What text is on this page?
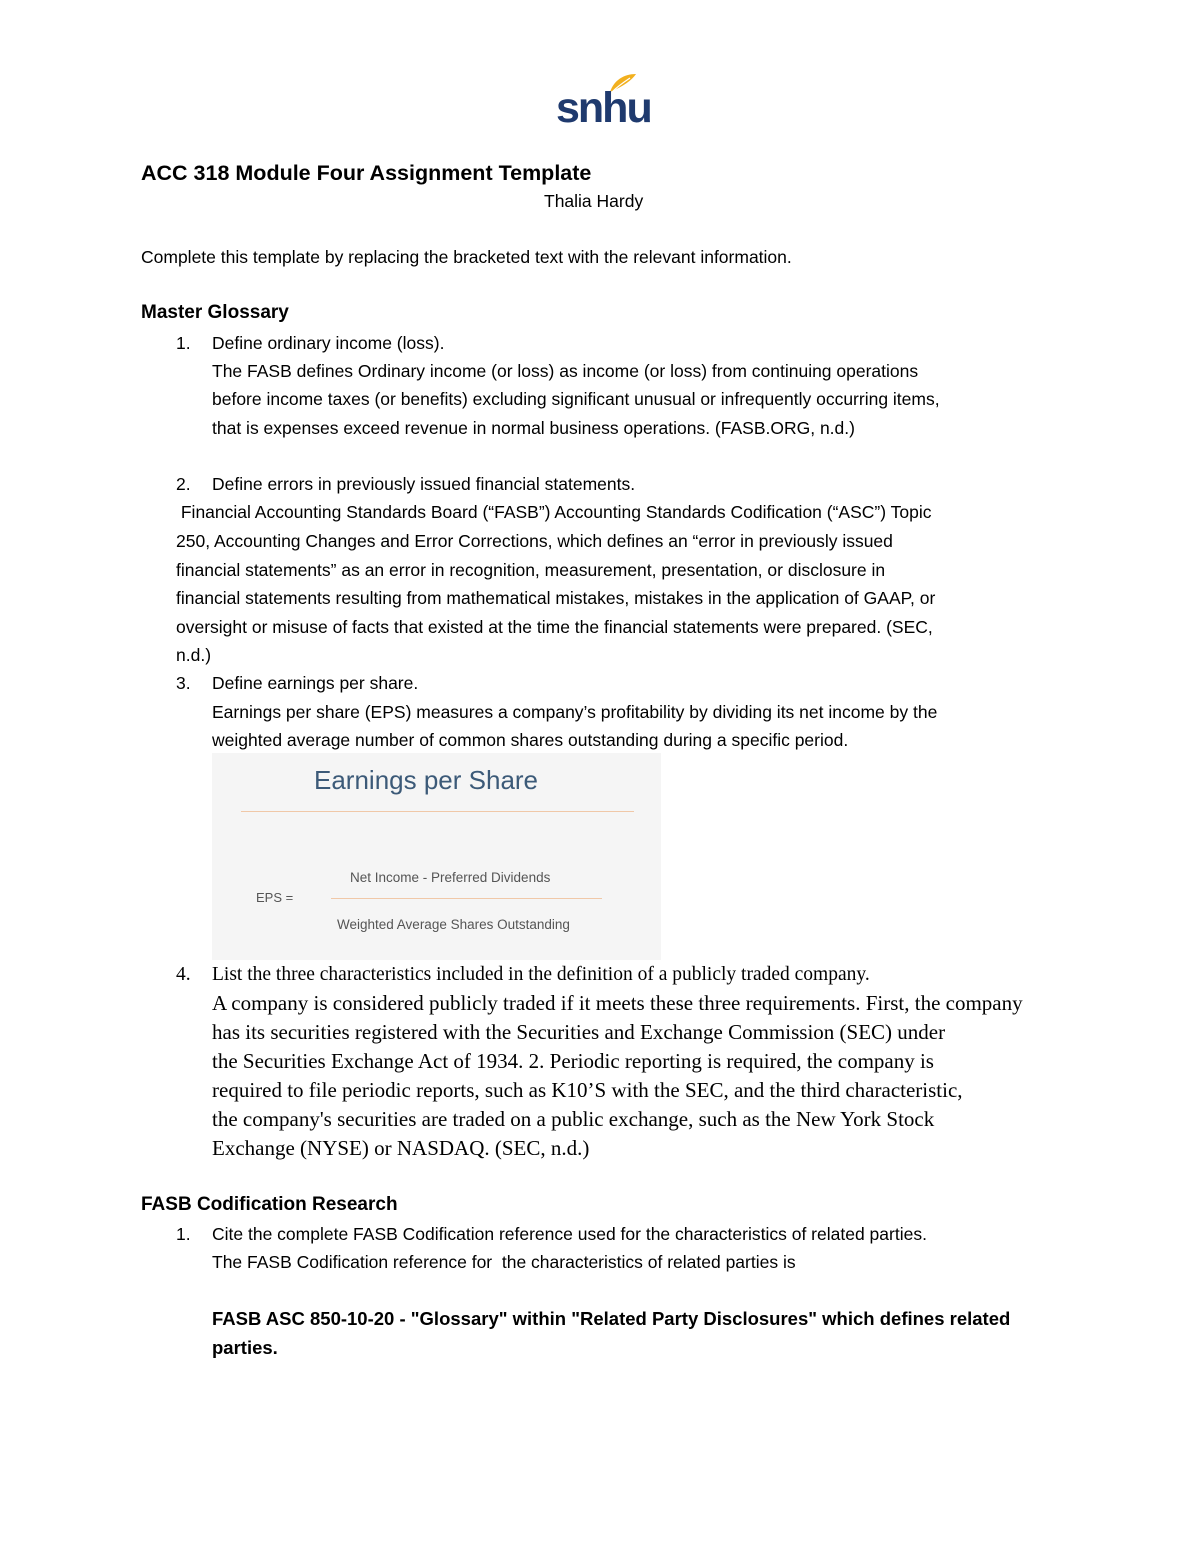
snhu
ACC 318 Module Four Assignment Template
Thalia Hardy
Complete this template by replacing the bracketed text with the relevant information.
Master Glossary
1. Define ordinary income (loss).
The FASB defines Ordinary income (or loss) as income (or loss) from continuing operations
before income taxes (or benefits) excluding significant unusual or infrequently occurring items,
that is expenses exceed revenue in normal business operations. (FASB.ORG, n.d.)
2. Define errors in previously issued financial statements.
Financial Accounting Standards Board (“FASB”) Accounting Standards Codification (“ASC”) Topic
250, Accounting Changes and Error Corrections, which defines an “error in previously issued
financial statements” as an error in recognition, measurement, presentation, or disclosure in
financial statements resulting from mathematical mistakes, mistakes in the application of GAAP, or
oversight or misuse of facts that existed at the time the financial statements were prepared. (SEC,
n.d.)
3. Define earnings per share.
Earnings per share (EPS) measures a company’s profitability by dividing its net income by the
weighted average number of common shares outstanding during a specific period.
Earnings per Share
Net Income - Preferred Dividends
EPS =
Weighted Average Shares Outstanding
4. List the three characteristics included in the definition of a publicly traded company.
A company is considered publicly traded if it meets these three requirements. First, the company
has its securities registered with the Securities and Exchange Commission (SEC) under
the Securities Exchange Act of 1934. 2. Periodic reporting is required, the company is
required to file periodic reports, such as K10’S with the SEC, and the third characteristic,
the company's securities are traded on a public exchange, such as the New York Stock
Exchange (NYSE) or NASDAQ. (SEC, n.d.)
FASB Codification Research
1. Cite the complete FASB Codification reference used for the characteristics of related parties.
The FASB Codification reference for  the characteristics of related parties is
FASB ASC 850-10-20 - "Glossary" within "Related Party Disclosures" which defines related
parties.
